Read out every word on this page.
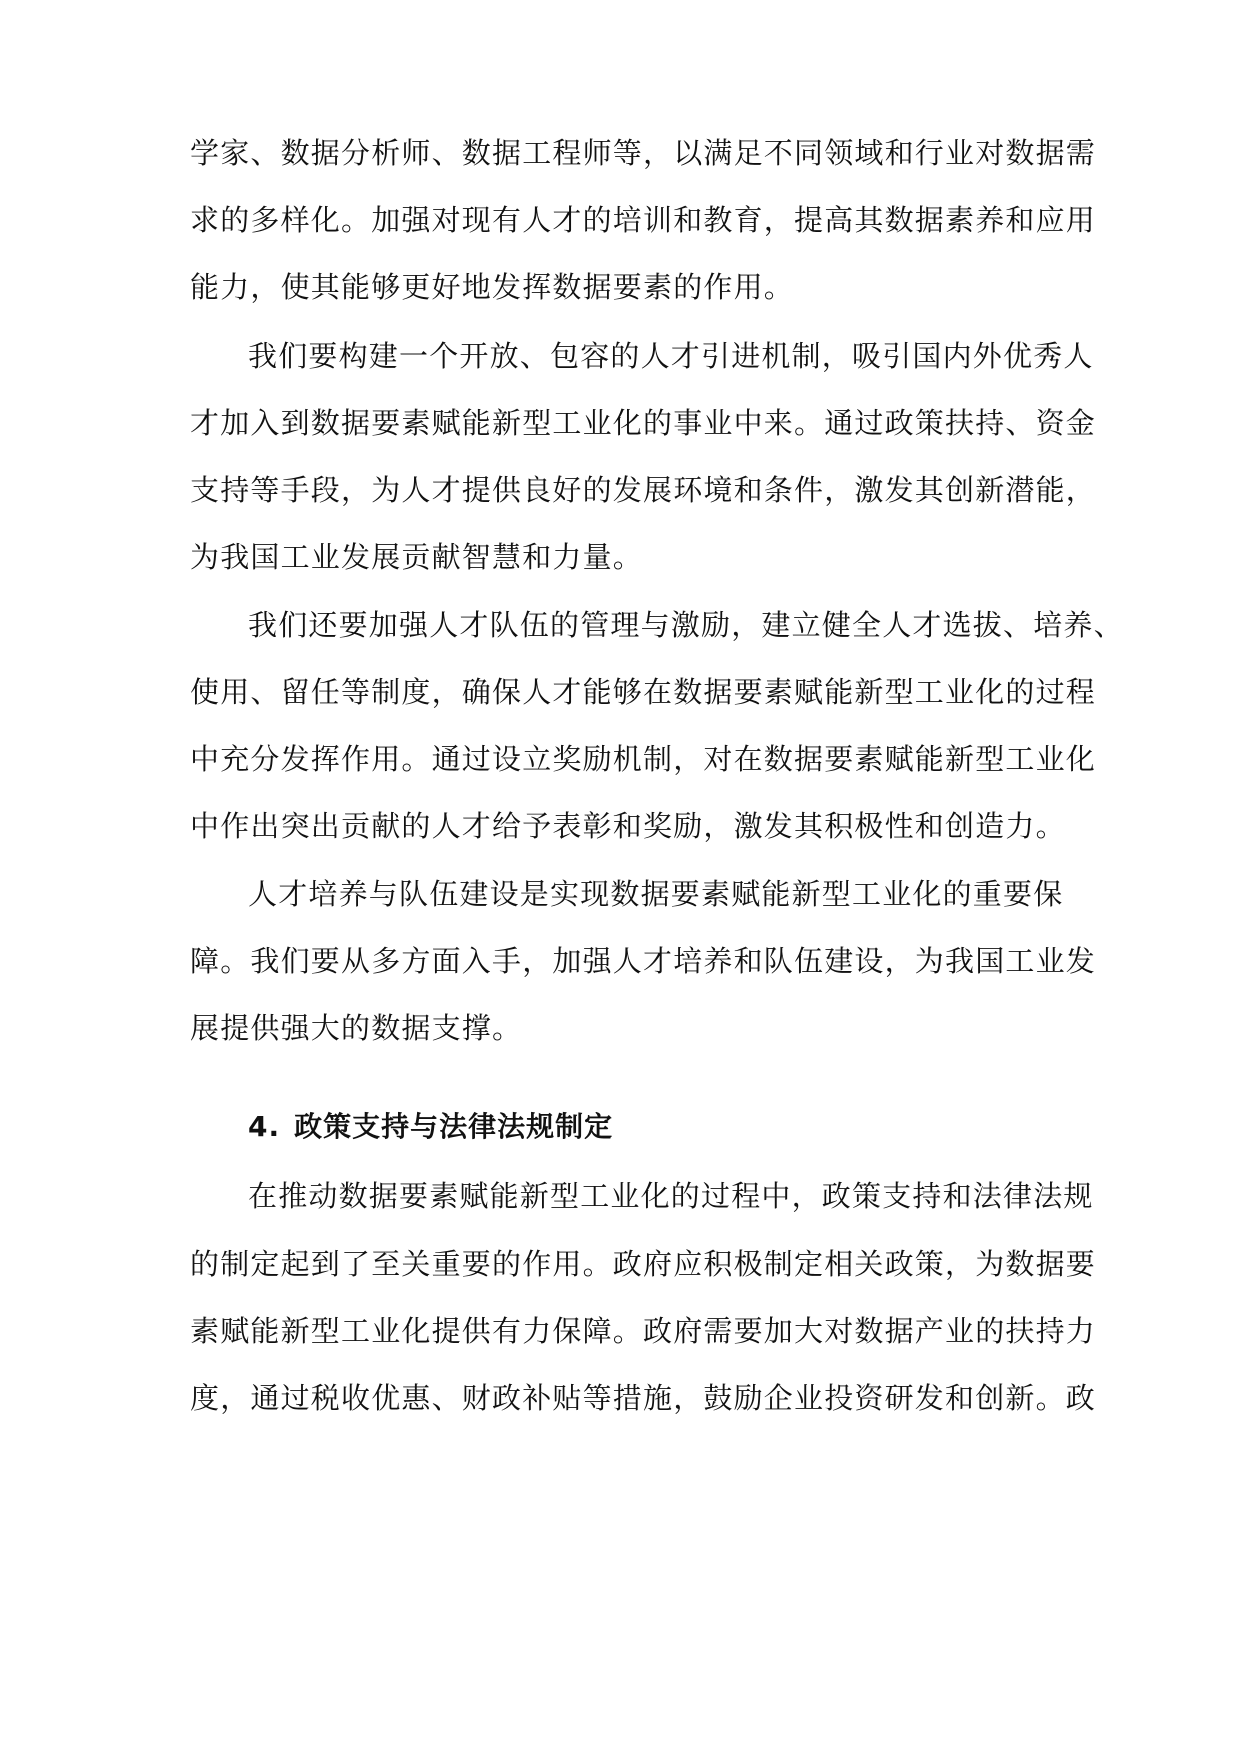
学家、数据分析师、数据工程师等，以满足不同领域和行业对数据需
求的多样化。加强对现有人才的培训和教育，提高其数据素养和应用
能力，使其能够更好地发挥数据要素的作用。
我们要构建一个开放、包容的人才引进机制，吸引国内外优秀人
才加入到数据要素赋能新型工业化的事业中来。通过政策扶持、资金
支持等手段，为人才提供良好的发展环境和条件，激发其创新潜能，
为我国工业发展贡献智慧和力量。
我们还要加强人才队伍的管理与激励，建立健全人才选拔、培养、
使用、留任等制度，确保人才能够在数据要素赋能新型工业化的过程
中充分发挥作用。通过设立奖励机制，对在数据要素赋能新型工业化
中作出突出贡献的人才给予表彰和奖励，激发其积极性和创造力。
人才培养与队伍建设是实现数据要素赋能新型工业化的重要保
障。我们要从多方面入手，加强人才培养和队伍建设，为我国工业发
展提供强大的数据支撑。
4. 政策支持与法律法规制定
在推动数据要素赋能新型工业化的过程中，政策支持和法律法规
的制定起到了至关重要的作用。政府应积极制定相关政策，为数据要
素赋能新型工业化提供有力保障。政府需要加大对数据产业的扶持力
度，通过税收优惠、财政补贴等措施，鼓励企业投资研发和创新。政
